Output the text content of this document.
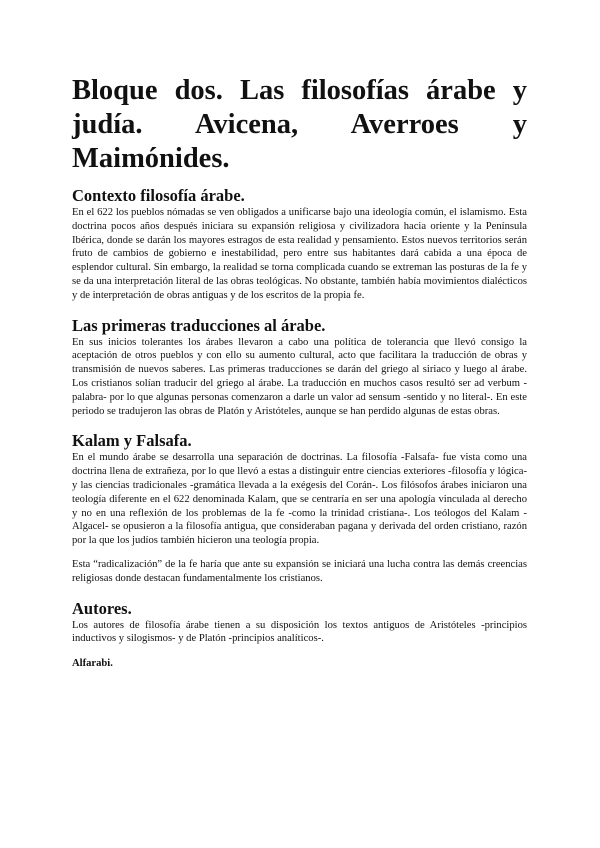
Bloque dos. Las filosofías árabe y judía. Avicena, Averroes y Maimónides.
Contexto filosofía árabe.

En el 622 los pueblos nómadas se ven obligados a unificarse bajo una ideología común, el islamismo. Esta doctrina pocos años después iniciara su expansión religiosa y civilizadora hacia oriente y la Península Ibérica, donde se darán los mayores estragos de esta realidad y pensamiento. Estos nuevos territorios serán fruto de cambios de gobierno e inestabilidad, pero entre sus habitantes dará cabida a una época de esplendor cultural. Sin embargo, la realidad se torna complicada cuando se extreman las posturas de la fe y se da una interpretación literal de las obras teológicas. No obstante, también había movimientos dialécticos y de interpretación de obras antiguas y de los escritos de la propia fe.

Las primeras traducciones al árabe.

En sus inicios tolerantes los árabes llevaron a cabo una política de tolerancia que llevó consigo la aceptación de otros pueblos y con ello su aumento cultural, acto que facilitara la traducción de obras y transmisión de nuevos saberes. Las primeras traducciones se darán del griego al siriaco y luego al árabe. Los cristianos solían traducir del griego al árabe. La traducción en muchos casos resultó ser ad verbum -palabra- por lo que algunas personas comenzaron a darle un valor ad sensum -sentido y no literal-. En este periodo se tradujeron las obras de Platón y Aristóteles, aunque se han perdido algunas de estas obras.

Kalam y Falsafa.

En el mundo árabe se desarrolla una separación de doctrinas. La filosofía -Falsafa- fue vista como una doctrina llena de extrañeza, por lo que llevó a estas a distinguir entre ciencias exteriores -filosofía y lógica- y las ciencias tradicionales -gramática llevada a la exégesis del Corán-. Los filósofos árabes iniciaron una teología diferente en el 622 denominada Kalam, que se centraría en ser una apología vinculada al derecho y no en una reflexión de los problemas de la fe -como la trinidad cristiana-. Los teólogos del Kalam -Algacel- se opusieron a la filosofía antigua, que consideraban pagana y derivada del orden cristiano, razón por la que los judíos también hicieron una teología propia.

Esta “radicalización” de la fe haría que ante su expansión se iniciará una lucha contra las demás creencias religiosas donde destacan fundamentalmente los cristianos.

Autores.

Los autores de filosofía árabe tienen a su disposición los textos antiguos de Aristóteles -principios inductivos y silogismos- y de Platón -principios analíticos-.

Alfarabi.
